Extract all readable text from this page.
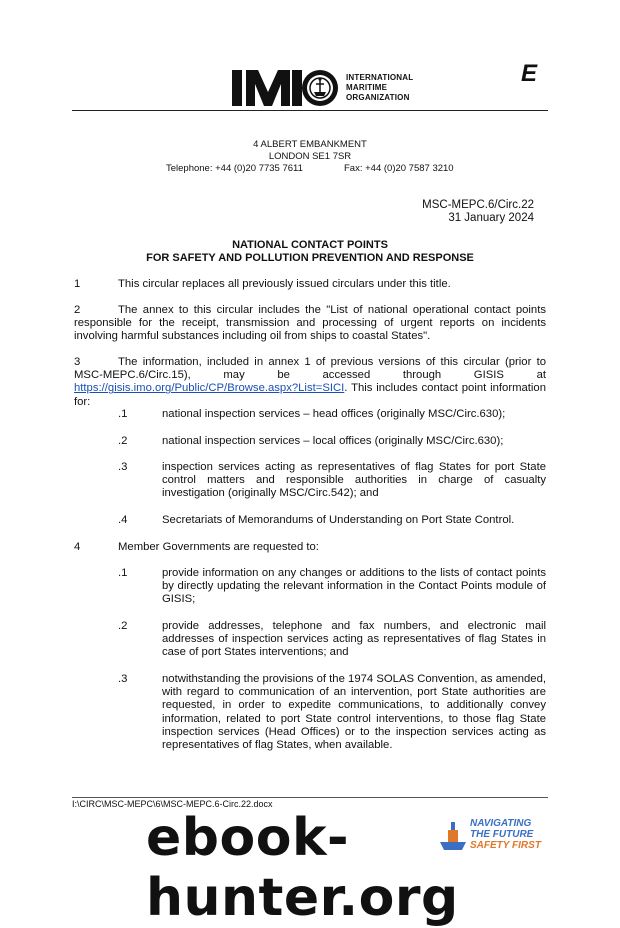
INTERNATIONAL
MARITIME
ORGANIZATION
E
4 ALBERT EMBANKMENT
LONDON SE1 7SR
Telephone: +44 (0)20 7735 7611	Fax: +44 (0)20 7587 3210
MSC-MEPC.6/Circ.22
31 January 2024
NATIONAL CONTACT POINTS
FOR SAFETY AND POLLUTION PREVENTION AND RESPONSE
1	This circular replaces all previously issued circulars under this title.
2	The annex to this circular includes the "List of national operational contact points responsible for the receipt, transmission and processing of urgent reports on incidents involving harmful substances including oil from ships to coastal States".
3	The information, included in annex 1 of previous versions of this circular (prior to MSC-MEPC.6/Circ.15), may be accessed through GISIS at https://gisis.imo.org/Public/CP/Browse.aspx?List=SICI. This includes contact point information for:
.1	national inspection services – head offices (originally MSC/Circ.630);
.2	national inspection services – local offices (originally MSC/Circ.630);
.3	inspection services acting as representatives of flag States for port State control matters and responsible authorities in charge of casualty investigation (originally MSC/Circ.542); and
.4	Secretariats of Memorandums of Understanding on Port State Control.
4	Member Governments are requested to:
.1	provide information on any changes or additions to the lists of contact points by directly updating the relevant information in the Contact Points module of GISIS;
.2	provide addresses, telephone and fax numbers, and electronic mail addresses of inspection services acting as representatives of flag States in case of port States interventions; and
.3	notwithstanding the provisions of the 1974 SOLAS Convention, as amended, with regard to communication of an intervention, port State authorities are requested, in order to expedite communications, to additionally convey information, related to port State control interventions, to those flag State inspection services (Head Offices) or to the inspection services acting as representatives of flag States, when available.
I:\CIRC\MSC-MEPC\6\MSC-MEPC.6-Circ.22.docx
NAVIGATING
THE FUTURE
SAFETY FIRST
ebook-hunter.org
